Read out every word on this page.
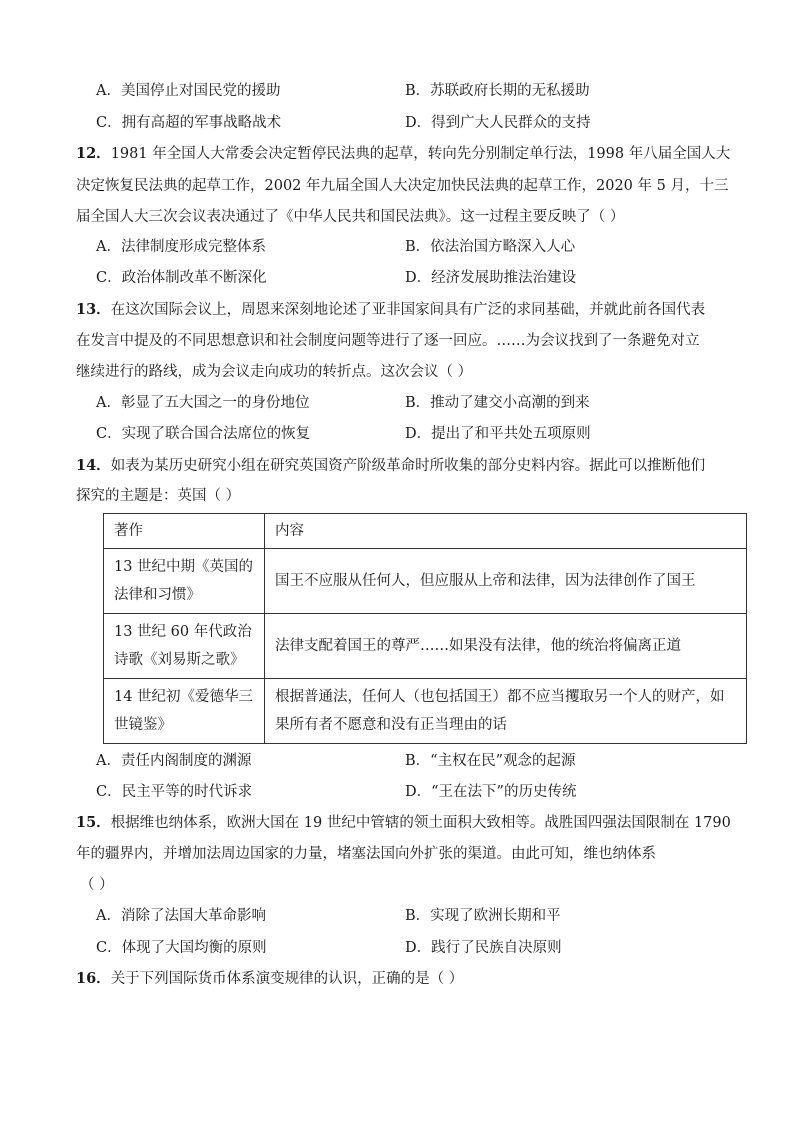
A．美国停止对国民党的援助	B．苏联政府长期的无私援助
C．拥有高超的军事战略战术	D．得到广大人民群众的支持
12．1981 年全国人大常委会决定暂停民法典的起草，转向先分别制定单行法，1998 年八届全国人大
决定恢复民法典的起草工作，2002 年九届全国人大决定加快民法典的起草工作，2020 年 5 月，十三
届全国人大三次会议表决通过了《中华人民共和国民法典》。这一过程主要反映了（ ）
A．法律制度形成完整体系	B．依法治国方略深入人心
C．政治体制改革不断深化	D．经济发展助推法治建设
13．在这次国际会议上，周恩来深刻地论述了亚非国家间具有广泛的求同基础，并就此前各国代表
在发言中提及的不同思想意识和社会制度问题等进行了逐一回应。……为会议找到了一条避免对立
继续进行的路线，成为会议走向成功的转折点。这次会议（ ）
A．彰显了五大国之一的身份地位	B．推动了建交小高潮的到来
C．实现了联合国合法席位的恢复	D．提出了和平共处五项原则
14．如表为某历史研究小组在研究英国资产阶级革命时所收集的部分史料内容。据此可以推断他们
探究的主题是：英国（ ）
著作	内容
13 世纪中期《英国的法律和习惯》	国王不应服从任何人，但应服从上帝和法律，因为法律创作了国王
13 世纪 60 年代政治诗歌《刘易斯之歌》	法律支配着国王的尊严……如果没有法律，他的统治将偏离正道
14 世纪初《爱德华三世镜鉴》	根据普通法，任何人（也包括国王）都不应当攫取另一个人的财产，如果所有者不愿意和没有正当理由的话
A．责任内阁制度的渊源	B．“主权在民”观念的起源
C．民主平等的时代诉求	D．“王在法下”的历史传统
15．根据维也纳体系，欧洲大国在 19 世纪中管辖的领土面积大致相等。战胜国四强法国限制在 1790
年的疆界内，并增加法周边国家的力量，堵塞法国向外扩张的渠道。由此可知，维也纳体系
（ ）
A．消除了法国大革命影响	B．实现了欧洲长期和平
C．体现了大国均衡的原则	D．践行了民族自决原则
16．关于下列国际货币体系演变规律的认识，正确的是（ ）
